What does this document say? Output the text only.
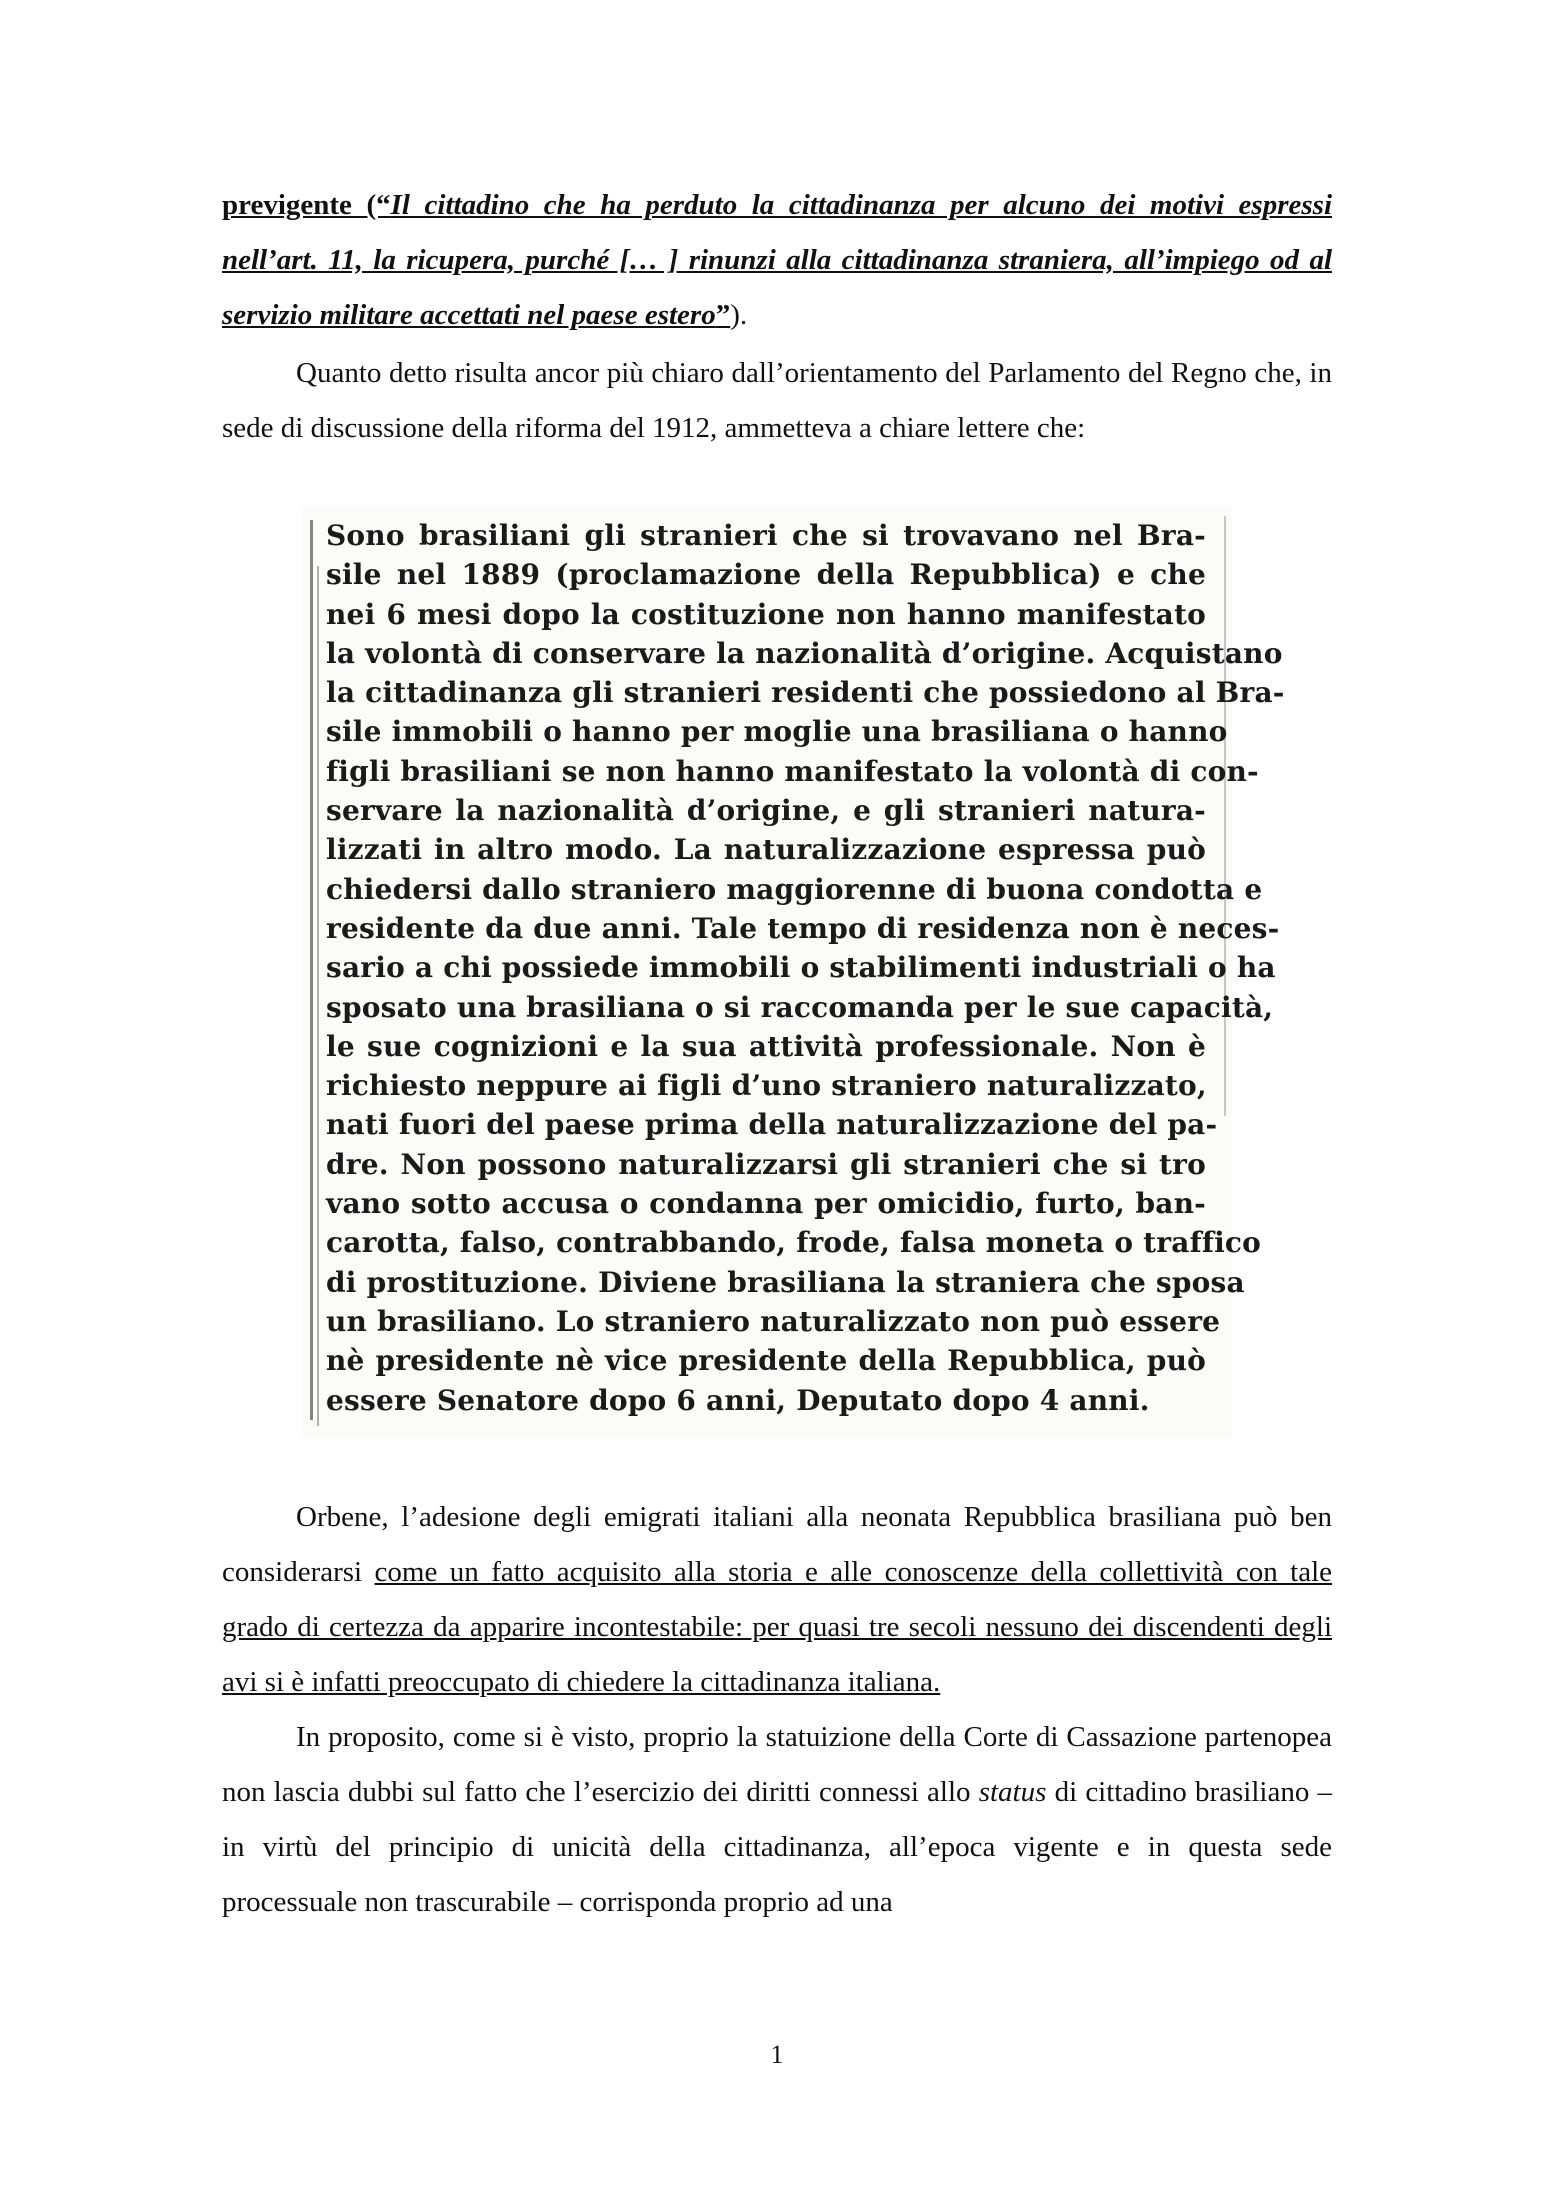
previgente (“Il cittadino che ha perduto la cittadinanza per alcuno dei motivi espressi nell’art. 11, la ricupera, purché [… ] rinunzi alla cittadinanza straniera, all’impiego od al servizio militare accettati nel paese estero”).
Quanto detto risulta ancor più chiaro dall’orientamento del Parlamento del Regno che, in sede di discussione della riforma del 1912, ammetteva a chiare lettere che:
Sono brasiliani gli stranieri che si trovavano nel Bra-
sile nel 1889 (proclamazione della Repubblica) e che
nei 6 mesi dopo la costituzione non hanno manifestato
la volontà di conservare la nazionalità d’origine. Acquistano
la cittadinanza gli stranieri residenti che possiedono al Bra-
sile immobili o hanno per moglie una brasiliana o hanno
figli brasiliani se non hanno manifestato la volontà di con-
servare la nazionalità d’origine, e gli stranieri natura-
lizzati in altro modo. La naturalizzazione espressa può
chiedersi dallo straniero maggiorenne di buona condotta e
residente da due anni. Tale tempo di residenza non è neces-
sario a chi possiede immobili o stabilimenti industriali o ha
sposato una brasiliana o si raccomanda per le sue capacità,
le sue cognizioni e la sua attività professionale. Non è
richiesto neppure ai figli d’uno straniero naturalizzato,
nati fuori del paese prima della naturalizzazione del pa-
dre. Non possono naturalizzarsi gli stranieri che si tro
vano sotto accusa o condanna per omicidio, furto, ban-
carotta, falso, contrabbando, frode, falsa moneta o traffico
di prostituzione. Diviene brasiliana la straniera che sposa
un brasiliano. Lo straniero naturalizzato non può essere
nè presidente nè vice presidente della Repubblica, può
essere Senatore dopo 6 anni, Deputato dopo 4 anni.
Orbene, l’adesione degli emigrati italiani alla neonata Repubblica brasiliana può ben considerarsi come un fatto acquisito alla storia e alle conoscenze della collettività con tale grado di certezza da apparire incontestabile: per quasi tre secoli nessuno dei discendenti degli avi si è infatti preoccupato di chiedere la cittadinanza italiana.
In proposito, come si è visto, proprio la statuizione della Corte di Cassazione partenopea non lascia dubbi sul fatto che l’esercizio dei diritti connessi allo status di cittadino brasiliano – in virtù del principio di unicità della cittadinanza, all’epoca vigente e in questa sede processuale non trascurabile – corrisponda proprio ad una
1
